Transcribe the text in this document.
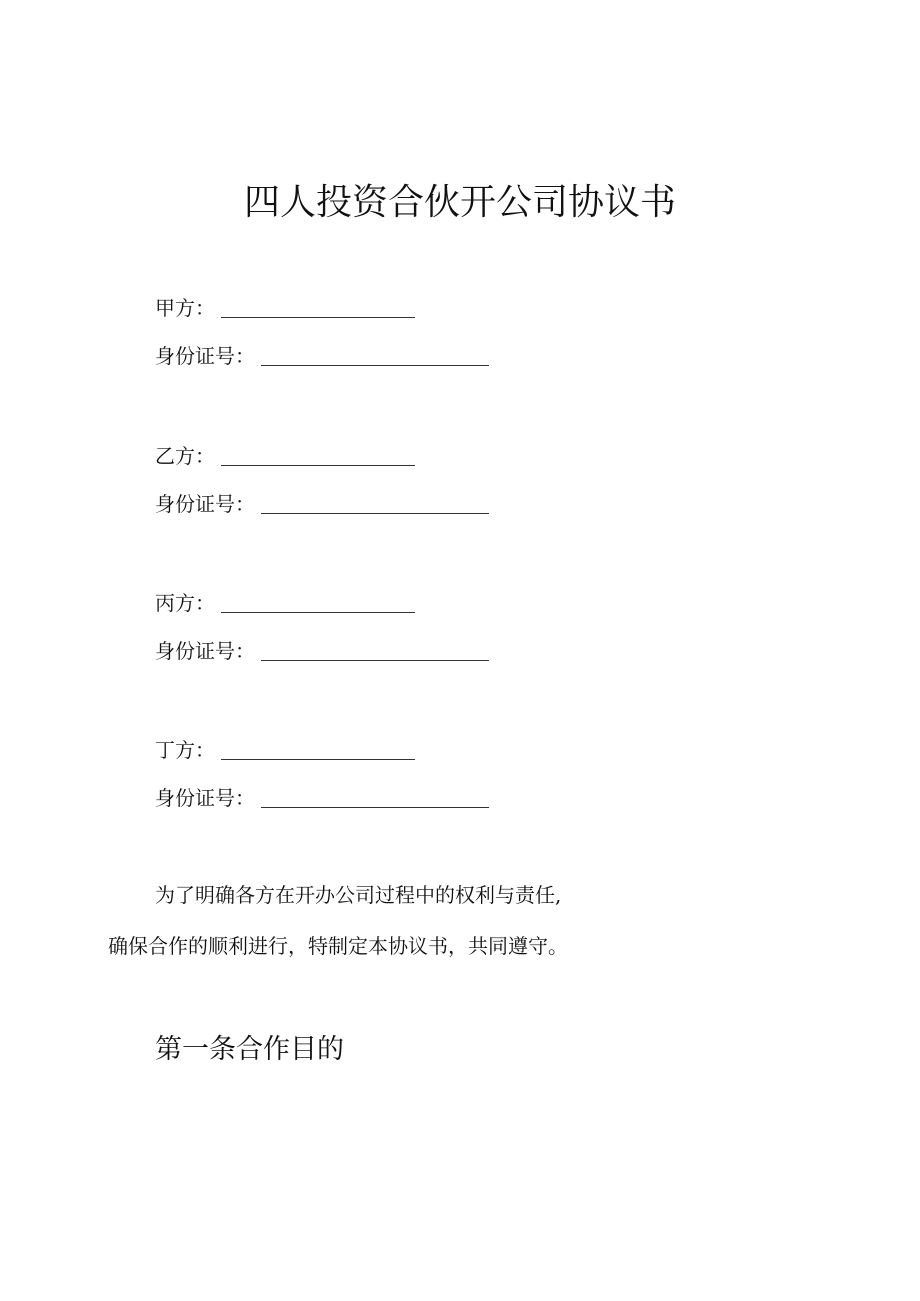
四人投资合伙开公司协议书
甲方：
身份证号：
乙方：
身份证号：
丙方：
身份证号：
丁方：
身份证号：
为了明确各方在开办公司过程中的权利与责任,
确保合作的顺利进行，特制定本协议书，共同遵守。
第一条合作目的
